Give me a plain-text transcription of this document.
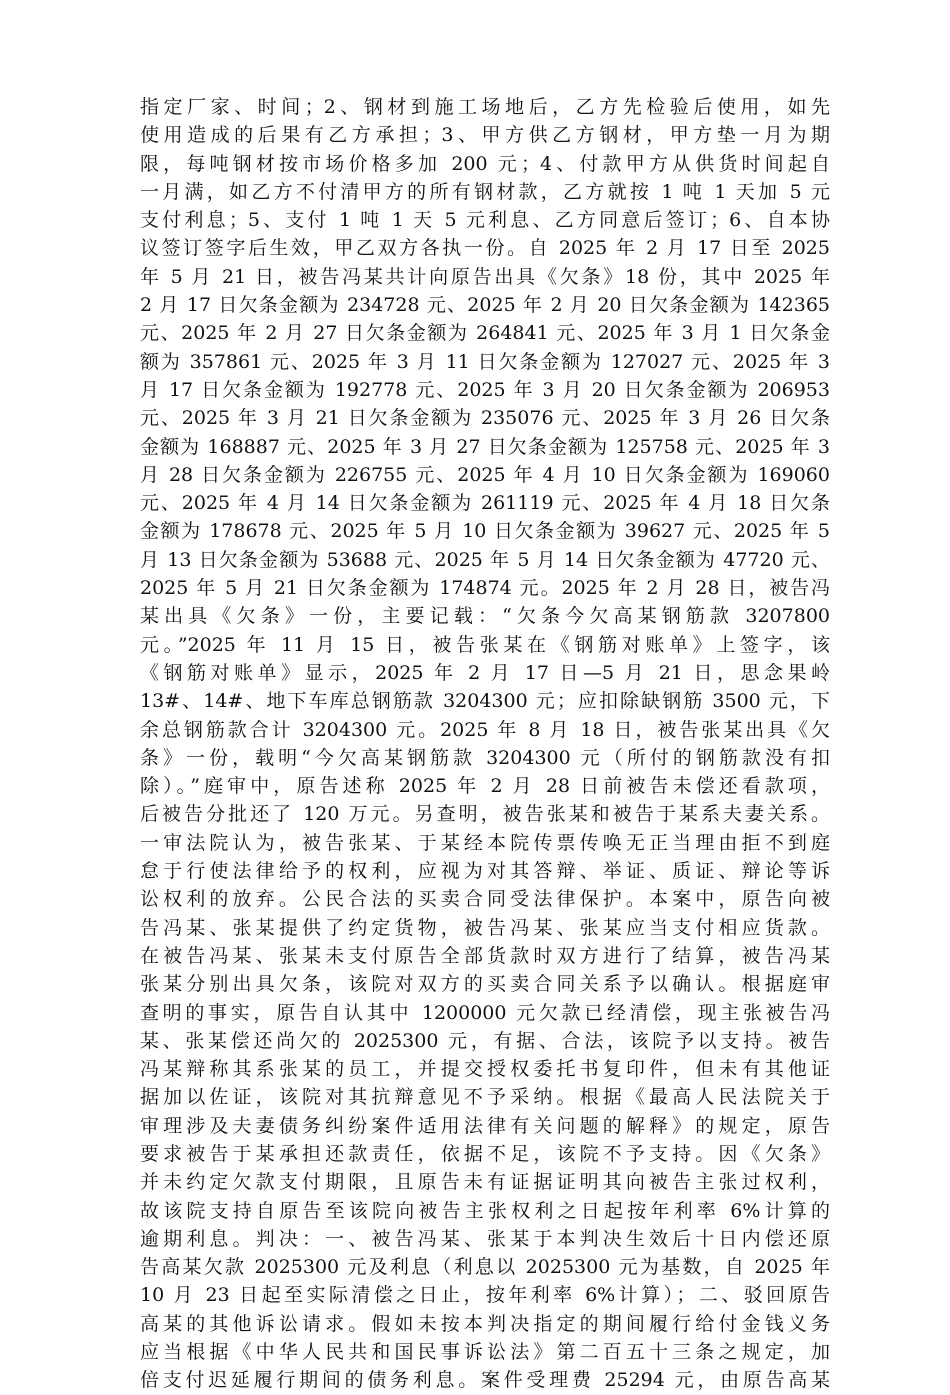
指定厂家、时间；2、钢材到施工场地后，乙方先检验后使用，如先
使用造成的后果有乙方承担；3、甲方供乙方钢材，甲方垫一月为期
限，每吨钢材按市场价格多加 200 元；4、付款甲方从供货时间起自
一月满，如乙方不付清甲方的所有钢材款，乙方就按 1 吨 1 天加 5 元
支付利息；5、支付 1 吨 1 天 5 元利息、乙方同意后签订；6、自本协
议签订签字后生效，甲乙双方各执一份。自 2025 年 2 月 17 日至 2025
年 5 月 21 日，被告冯某共计向原告出具《欠条》18 份，其中 2025 年
2 月 17 日欠条金额为 234728 元、2025 年 2 月 20 日欠条金额为 142365
元、2025 年 2 月 27 日欠条金额为 264841 元、2025 年 3 月 1 日欠条金
额为 357861 元、2025 年 3 月 11 日欠条金额为 127027 元、2025 年 3
月 17 日欠条金额为 192778 元、2025 年 3 月 20 日欠条金额为 206953
元、2025 年 3 月 21 日欠条金额为 235076 元、2025 年 3 月 26 日欠条
金额为 168887 元、2025 年 3 月 27 日欠条金额为 125758 元、2025 年 3
月 28 日欠条金额为 226755 元、2025 年 4 月 10 日欠条金额为 169060
元、2025 年 4 月 14 日欠条金额为 261119 元、2025 年 4 月 18 日欠条
金额为 178678 元、2025 年 5 月 10 日欠条金额为 39627 元、2025 年 5
月 13 日欠条金额为 53688 元、2025 年 5 月 14 日欠条金额为 47720 元、
2025 年 5 月 21 日欠条金额为 174874 元。2025 年 2 月 28 日，被告冯
某出具《欠条》一份，主要记载：“欠条今欠高某钢筋款 3207800
元。”2025 年 11 月 15 日，被告张某在《钢筋对账单》上签字，该
《钢筋对账单》显示，2025 年 2 月 17 日—5 月 21 日，思念果岭
13#、14#、地下车库总钢筋款 3204300 元；应扣除缺钢筋 3500 元，下
余总钢筋款合计 3204300 元。2025 年 8 月 18 日，被告张某出具《欠
条》一份，载明“今欠高某钢筋款 3204300 元（所付的钢筋款没有扣
除）。”庭审中，原告述称 2025 年 2 月 28 日前被告未偿还看款项，
后被告分批还了 120 万元。另查明，被告张某和被告于某系夫妻关系。
一审法院认为，被告张某、于某经本院传票传唤无正当理由拒不到庭
怠于行使法律给予的权利，应视为对其答辩、举证、质证、辩论等诉
讼权利的放弃。公民合法的买卖合同受法律保护。本案中，原告向被
告冯某、张某提供了约定货物，被告冯某、张某应当支付相应货款。
在被告冯某、张某未支付原告全部货款时双方进行了结算，被告冯某
张某分别出具欠条，该院对双方的买卖合同关系予以确认。根据庭审
查明的事实，原告自认其中 1200000 元欠款已经清偿，现主张被告冯
某、张某偿还尚欠的 2025300 元，有据、合法，该院予以支持。被告
冯某辩称其系张某的员工，并提交授权委托书复印件，但未有其他证
据加以佐证，该院对其抗辩意见不予采纳。根据《最高人民法院关于
审理涉及夫妻债务纠纷案件适用法律有关问题的解释》的规定，原告
要求被告于某承担还款责任，依据不足，该院不予支持。因《欠条》
并未约定欠款支付期限，且原告未有证据证明其向被告主张过权利，
故该院支持自原告至该院向被告主张权利之日起按年利率 6%计算的
逾期利息。判决：一、被告冯某、张某于本判决生效后十日内偿还原
告高某欠款 2025300 元及利息（利息以 2025300 元为基数，自 2025 年
10 月 23 日起至实际清偿之日止，按年利率 6%计算）；二、驳回原告
高某的其他诉讼请求。假如未按本判决指定的期间履行给付金钱义务
应当根据《中华人民共和国民事诉讼法》第二百五十三条之规定，加
倍支付迟延履行期间的债务利息。案件受理费 25294 元，由原告高某
